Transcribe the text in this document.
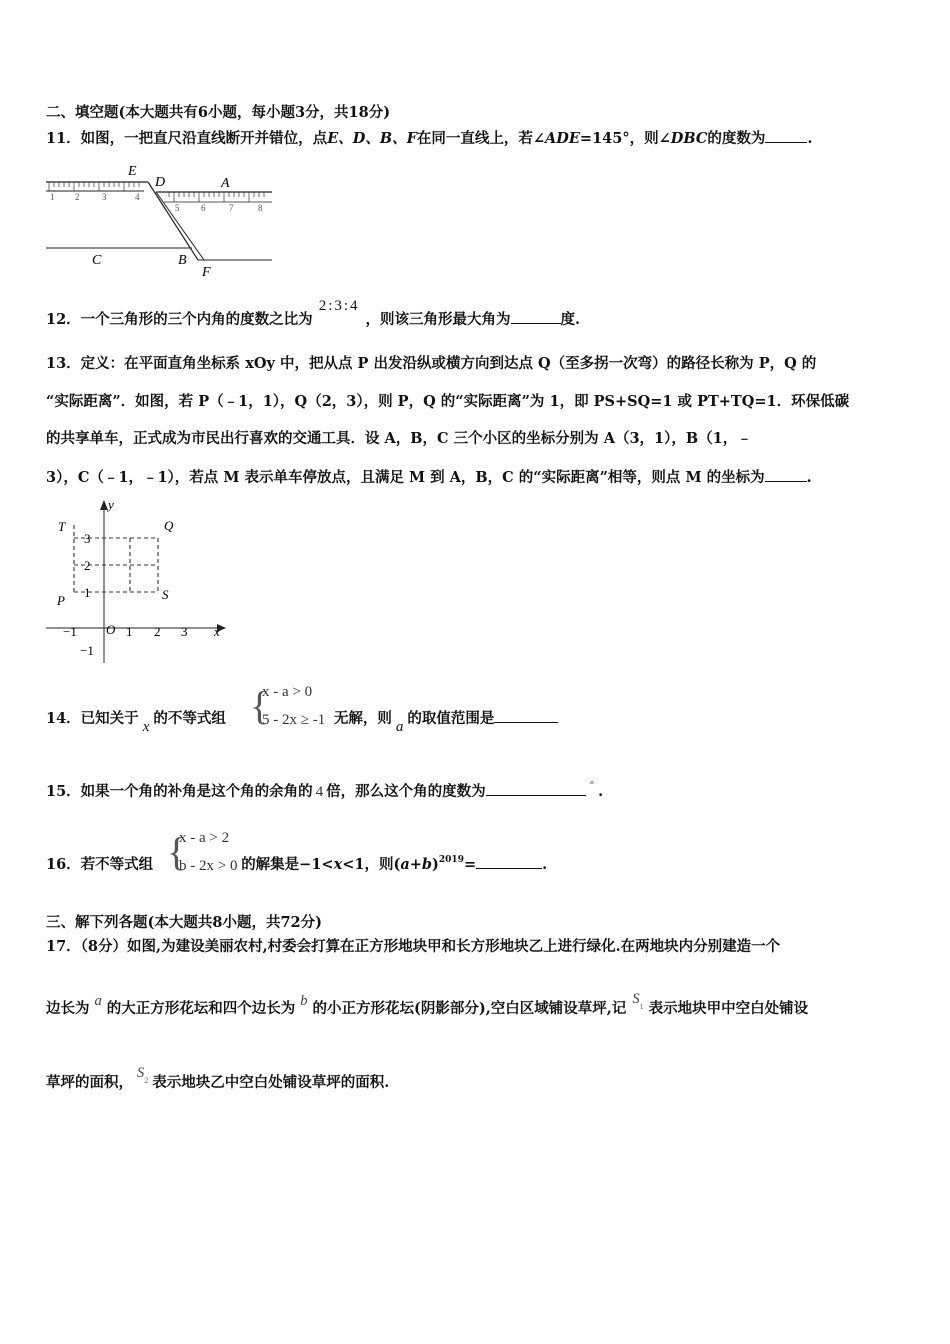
二、填空题(本大题共有6小题，每小题3分，共18分)
11．如图，一把直尺沿直线断开并错位，点E、D、B、F在同一直线上，若∠ADE=145°，则∠DBC的度数为	.
1 2	3	4
5 6	7	8
E
D	A
C	B
F
12．一个三角形的三个内角的度数之比为2:3:4，则该三角形最大角为	度.
13．定义：在平面直角坐标系 xOy 中，把从点 P 出发沿纵或横方向到达点 Q（至多拐一次弯）的路径长称为 P，Q 的
“实际距离”．如图，若 P（﹣1，1），Q（2，3），则 P，Q 的“实际距离”为 1，即 PS+SQ=1 或 PT+TQ=1．环保低碳
的共享单车，正式成为市民出行喜欢的交通工具．设 A，B，C 三个小区的坐标分别为 A（3，1），B（1，﹣
3），C（﹣1，﹣1），若点 M 表示单车停放点，且满足 M 到 A，B，C 的“实际距离”相等，则点 M 的坐标为	.
−1	1 2 3
3
2
1
−1
y
x
O
T	Q
P	S
14．已知关于 x 的不等式组	无解，则 a 的取值范围是
{
x - a > 0
5 - 2x ≥ -1
15．如果一个角的补角是这个角的余角的 4 倍，那么这个角的度数为	° .
16．若不等式组	的解集是−1<x<1，则$(a+b)^{2019}=$	.
{
x - a > 2
b - 2x > 0
三、解下列各题(本大题共8小题，共72分)
17．（8分）如图,为建设美丽农村,村委会打算在正方形地块甲和长方形地块乙上进行绿化.在两地块内分别建造一个
边长为 a 的大正方形花坛和四个边长为 b 的小正方形花坛(阴影部分),空白区域铺设草坪,记$S^1$ 表示地块甲中空白处铺设
草坪的面积，$S^2$ 表示地块乙中空白处铺设草坪的面积.
